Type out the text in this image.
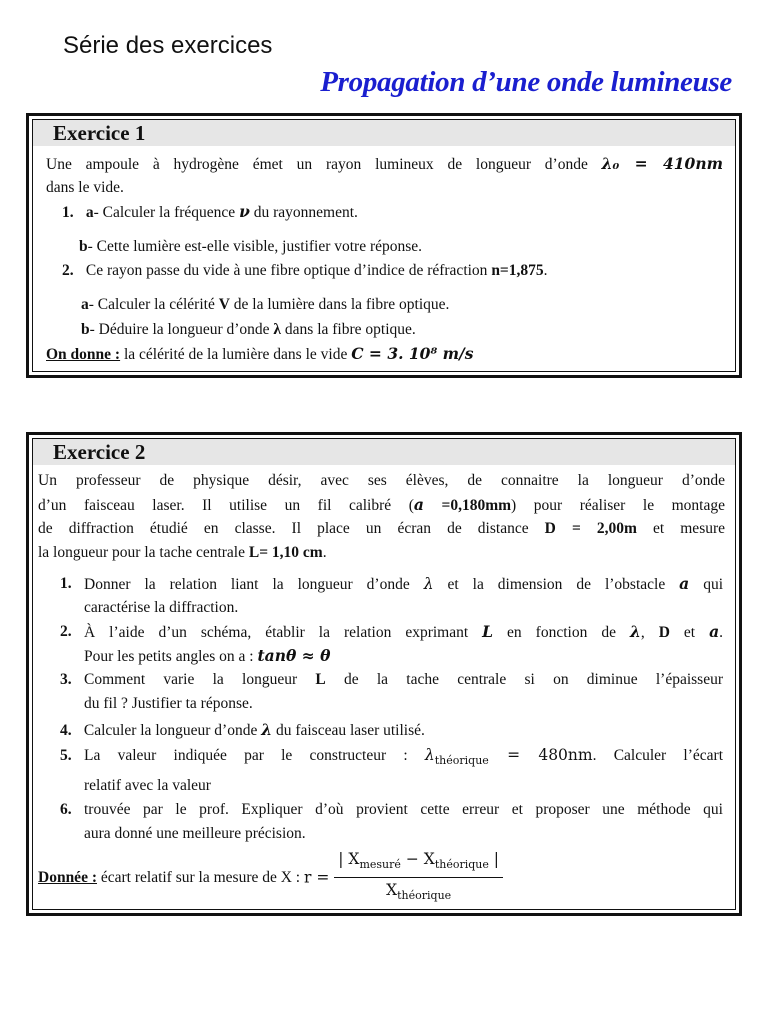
Série des exercices
Propagation d’une onde lumineuse
Exercice 1
Une ampoule à hydrogène émet un rayon lumineux de longueur d’onde λ₀ = 410nm
dans le vide.
1. a- Calculer la fréquence ν du rayonnement.
b- Cette lumière est-elle visible, justifier votre réponse.
2. Ce rayon passe du vide à une fibre optique d’indice de réfraction n=1,875.
a- Calculer la célérité V de la lumière dans la fibre optique.
b- Déduire la longueur d’onde λ dans la fibre optique.
On donne : la célérité de la lumière dans le vide C = 3. 10⁸ m/s
Exercice 2
Un professeur de physique désir, avec ses élèves, de connaitre la longueur d’onde
d’un faisceau laser. Il utilise un fil calibré (a =0,180mm) pour réaliser le montage
de diffraction étudié en classe. Il place un écran de distance D = 2,00m et mesure
la longueur pour la tache centrale L= 1,10 cm.
1. Donner la relation liant la longueur d’onde λ et la dimension de l’obstacle a qui
caractérise la diffraction.
2. À l’aide d’un schéma, établir la relation exprimant L en fonction de λ, D et a.
Pour les petits angles on a : tanθ ≈ θ
3. Comment varie la longueur L de la tache centrale si on diminue l’épaisseur
du fil ? Justifier ta réponse.
4. Calculer la longueur d’onde λ du faisceau laser utilisé.
5. La valeur indiquée par le constructeur : $\lambda_{théorique} = 480nm$. Calculer l’écart
relatif avec la valeur
6. trouvée par le prof. Expliquer d’où provient cette erreur et proposer une méthode qui
aura donné une meilleure précision.
Donnée : écart relatif sur la mesure de X : $r = \frac{| X_{mesuré} - X_{théorique} |}{X_{théorique}}$
